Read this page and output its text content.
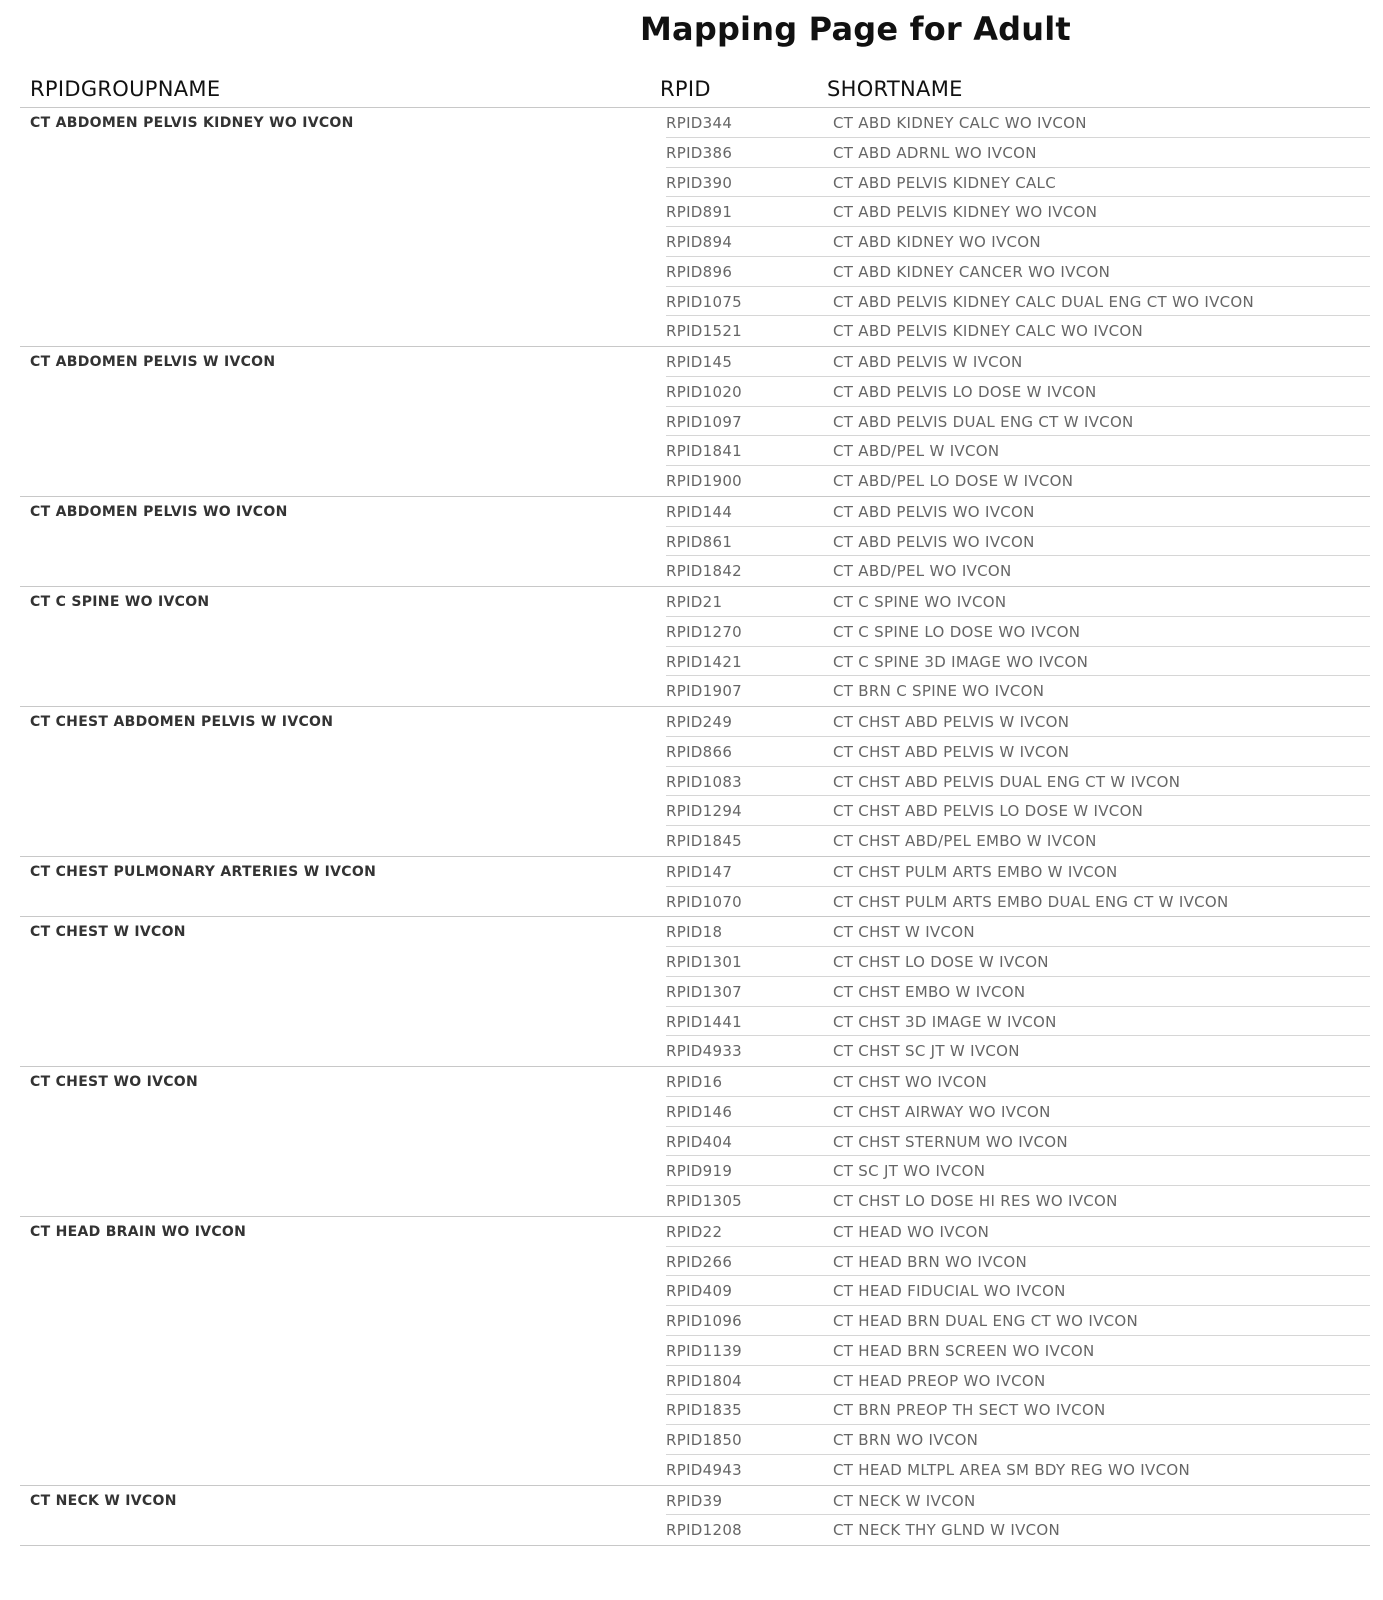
Mapping Page for Adult
RPIDGROUPNAME	RPID	SHORTNAME
CT ABDOMEN PELVIS KIDNEY WO IVCON	RPID344	CT ABD KIDNEY CALC WO IVCON
RPID386	CT ABD ADRNL WO IVCON
RPID390	CT ABD PELVIS KIDNEY CALC
RPID891	CT ABD PELVIS KIDNEY WO IVCON
RPID894	CT ABD KIDNEY WO IVCON
RPID896	CT ABD KIDNEY CANCER WO IVCON
RPID1075	CT ABD PELVIS KIDNEY CALC DUAL ENG CT WO IVCON
RPID1521	CT ABD PELVIS KIDNEY CALC WO IVCON
CT ABDOMEN PELVIS W IVCON	RPID145	CT ABD PELVIS W IVCON
RPID1020	CT ABD PELVIS LO DOSE W IVCON
RPID1097	CT ABD PELVIS DUAL ENG CT W IVCON
RPID1841	CT ABD/PEL W IVCON
RPID1900	CT ABD/PEL LO DOSE W IVCON
CT ABDOMEN PELVIS WO IVCON	RPID144	CT ABD PELVIS WO IVCON
RPID861	CT ABD PELVIS WO IVCON
RPID1842	CT ABD/PEL WO IVCON
CT C SPINE WO IVCON	RPID21	CT C SPINE WO IVCON
RPID1270	CT C SPINE LO DOSE WO IVCON
RPID1421	CT C SPINE 3D IMAGE WO IVCON
RPID1907	CT BRN C SPINE WO IVCON
CT CHEST ABDOMEN PELVIS W IVCON	RPID249	CT CHST ABD PELVIS W IVCON
RPID866	CT CHST ABD PELVIS W IVCON
RPID1083	CT CHST ABD PELVIS DUAL ENG CT W IVCON
RPID1294	CT CHST ABD PELVIS LO DOSE W IVCON
RPID1845	CT CHST ABD/PEL EMBO W IVCON
CT CHEST PULMONARY ARTERIES W IVCON	RPID147	CT CHST PULM ARTS EMBO W IVCON
RPID1070	CT CHST PULM ARTS EMBO DUAL ENG CT W IVCON
CT CHEST W IVCON	RPID18	CT CHST W IVCON
RPID1301	CT CHST LO DOSE W IVCON
RPID1307	CT CHST EMBO W IVCON
RPID1441	CT CHST 3D IMAGE W IVCON
RPID4933	CT CHST SC JT W IVCON
CT CHEST WO IVCON	RPID16	CT CHST WO IVCON
RPID146	CT CHST AIRWAY WO IVCON
RPID404	CT CHST STERNUM WO IVCON
RPID919	CT SC JT WO IVCON
RPID1305	CT CHST LO DOSE HI RES WO IVCON
CT HEAD BRAIN WO IVCON	RPID22	CT HEAD WO IVCON
RPID266	CT HEAD BRN WO IVCON
RPID409	CT HEAD FIDUCIAL WO IVCON
RPID1096	CT HEAD BRN DUAL ENG CT WO IVCON
RPID1139	CT HEAD BRN SCREEN WO IVCON
RPID1804	CT HEAD PREOP WO IVCON
RPID1835	CT BRN PREOP TH SECT WO IVCON
RPID1850	CT BRN WO IVCON
RPID4943	CT HEAD MLTPL AREA SM BDY REG WO IVCON
CT NECK W IVCON	RPID39	CT NECK W IVCON
RPID1208	CT NECK THY GLND W IVCON
